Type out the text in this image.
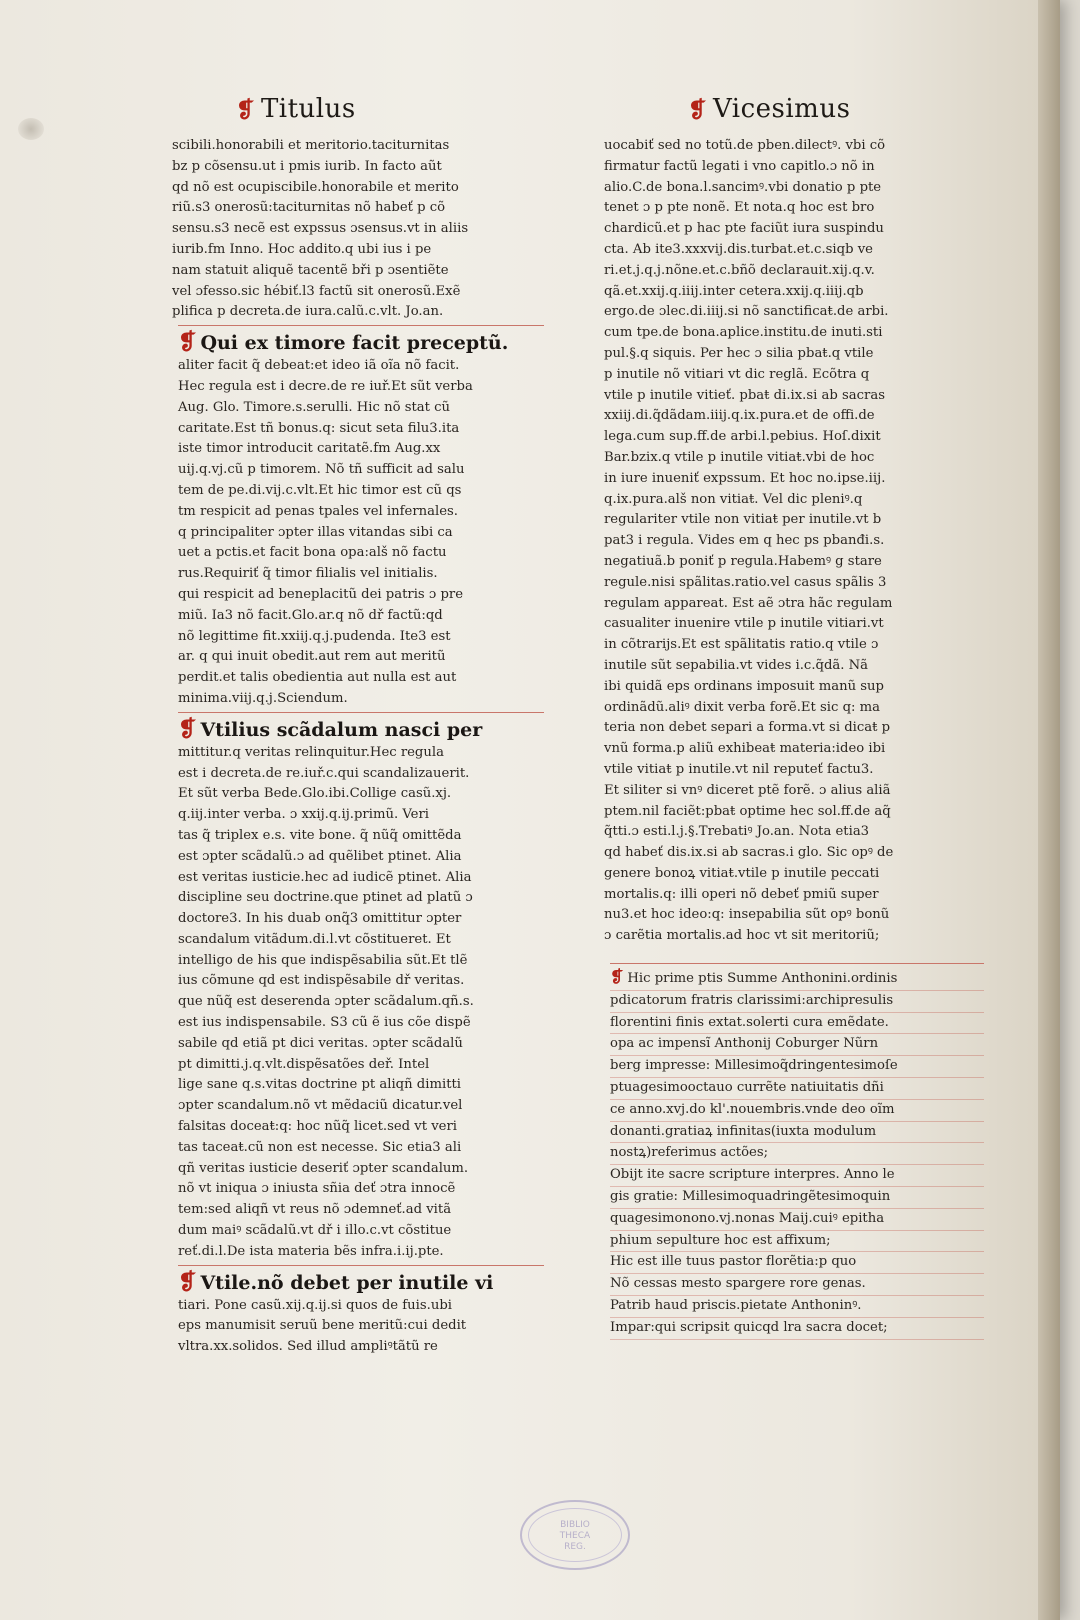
❡ Titulus	❡ Vicesimus
scibili.honorabili et meritorio.taciturnitas
bz p cõsensu.ut i pmis iurib. In facto aũt
qd nõ est ocupiscibile.honorabile et merito
riũ.s3 onerosũ:taciturnitas nõ habeť p cõ
sensu.s3 necẽ est expssus ɔsensus.vt in aliis
iurib.fm Inno. Hoc addito.q ubi ius i pe
nam statuit aliquẽ tacentẽ bři p ɔsentiẽte
vel ɔfesso.sic hébiť.l3 factũ sit onerosũ.Exẽ
plifica p decreta.de iura.calũ.c.vlt. Jo.an.
❡ Qui ex timore facit preceptũ.
aliter facit q̃ debeat:et ideo iã oĩa nõ facit.
Hec regula est i decre.de re iuř.Et sũt verba
Aug. Glo. Timore.s.serulli. Hic nõ stat cũ
caritate.Est tñ bonus.q: sicut seta filu3.ita
iste timor introducit caritatẽ.fm Aug.xx
uij.q.vj.cũ p timorem. Nõ tñ sufficit ad salu
tem de pe.di.vij.c.vlt.Et hic timor est cũ qs
tm respicit ad penas tpales vel infernales.
q principaliter ɔpter illas vitandas sibi ca
uet a pctis.et facit bona opa:alš nõ factu
rus.Requiriť q̃ timor filialis vel initialis.
qui respicit ad beneplacitũ dei patris ɔ pre
miũ. Ia3 nõ facit.Glo.ar.q nõ dř factũ:qd
nõ legittime fit.xxiij.q.j.pudenda. Ite3 est
ar. q qui inuit obedit.aut rem aut meritũ
perdit.et talis obedientia aut nulla est aut
minima.viij.q.j.Sciendum.
❡ Vtilius scãdalum nasci per
mittitur.q veritas relinquitur.Hec regula
est i decreta.de re.iuř.c.qui scandalizauerit.
Et sũt verba Bede.Glo.ibi.Collige casũ.xj.
q.iij.inter verba. ɔ xxij.q.ij.primũ. Veri
tas q̃ triplex e.s. vite bone. q̃ nũq̃ omittẽda
est ɔpter scãdalũ.ɔ ad quẽlibet ptinet. Alia
est veritas iusticie.hec ad iudicẽ ptinet. Alia
discipline seu doctrine.que ptinet ad platũ ɔ
doctore3. In his duab onq̃3 omittitur ɔpter
scandalum vitãdum.di.l.vt cõstitueret. Et
intelligo de his que indispẽsabilia sũt.Et tlẽ
ius cõmune qd est indispẽsabile dř veritas.
que nũq̃ est deserenda ɔpter scãdalum.qñ.s.
est ius indispensabile. S3 cũ ẽ ius cõe dispẽ
sabile qd etiã pt dici veritas. ɔpter scãdalũ
pt dimitti.j.q.vlt.dispẽsatões deř. Intel
lige sane q.s.vitas doctrine pt aliqñ dimitti
ɔpter scandalum.nõ vt mẽdaciũ dicatur.vel
falsitas doceaŧ:q: hoc nũq̃ licet.sed vt veri
tas taceaŧ.cũ non est necesse. Sic etia3 ali
qñ veritas iusticie deseriť ɔpter scandalum.
nõ vt iniqua ɔ iniusta sñia deť ɔtra innocẽ
tem:sed aliqñ vt reus nõ ɔdemneť.ad vitã
dum maiꝰ scãdalũ.vt dř i illo.c.vt cõstitue
reť.di.l.De ista materia bẽs infra.i.ij.pte.
❡ Vtile.nõ debet per inutile vi
tiari. Pone casũ.xij.q.ij.si quos de fuis.ubi
eps manumisit seruũ bene meritũ:cui dedit
vltra.xx.solidos. Sed illud ampliꝰtãtũ re
uocabiť sed no totũ.de pben.dilectꝰ. vbi cõ
firmatur factũ legati i vno capitlo.ɔ nõ in
alio.C.de bona.l.sancimꝰ.vbi donatio p pte
tenet ɔ p pte nonẽ. Et nota.q hoc est bro
chardicũ.et p hac pte faciũt iura suspindu
cta. Ab ite3.xxxvij.dis.turbat.et.c.siqb ve
ri.et.j.q.j.nõne.et.c.bñõ declarauit.xij.q.v.
qã.et.xxij.q.iiij.inter cetera.xxij.q.iiij.qb
ergo.de ɔlec.di.iiij.si nõ sanctificaŧ.de arbi.
cum tpe.de bona.aplice.institu.de inuti.sti
pul.§.q siquis. Per hec ɔ silia pbaŧ.q vtile
p inutile nõ vitiari vt dic reglã. Ecõtra q
vtile p inutile vitieť. pbaŧ di.ix.si ab sacras
xxiij.di.q̃dãdam.iiij.q.ix.pura.et de offi.de
lega.cum sup.ff.de arbi.l.pebius. Hoſ.dixit
Bar.bzix.q vtile p inutile vitiaŧ.vbi de hoc
in iure inueniť expssum. Et hoc no.ipse.iij.
q.ix.pura.alš non vitiaŧ. Vel dic pleniꝰ.q
regulariter vtile non vitiaŧ per inutile.vt b
pat3 i regula. Vides em q hec ps pbanđi.s.
negatiuã.b poniť p regula.Habemꝰ g stare
regule.nisi spãlitas.ratio.vel casus spãlis 3
regulam appareat. Est aẽ ɔtra hãc regulam
casualiter inuenire vtile p inutile vitiari.vt
in cõtrarijs.Et est spãlitatis ratio.q vtile ɔ
inutile sũt sepabilia.vt vides i.c.q̃dã. Nã
ibi quidã eps ordinans imposuit manũ sup
ordinãdũ.aliꝰ dixit verba forẽ.Et sic q: ma
teria non debet separi a forma.vt si dicaŧ p
vnũ forma.p aliũ exhibeaŧ materia:ideo ibi
vtile vitiaŧ p inutile.vt nil reputeť factu3.
Et siliter si vnꝰ diceret ptẽ forẽ. ɔ alius aliã
ptem.nil faciẽt:pbaŧ optime hec sol.ff.de aq̃
q̃tti.ɔ esti.l.j.§.Trebatiꝰ Jo.an. Nota etia3
qd habeť dis.ix.si ab sacras.i glo. Sic opꝰ de
genere bonoꝝ vitiaŧ.vtile p inutile peccati
mortalis.q: illi operi nõ debeť pmiũ super
nu3.et hoc ideo:q: insepabilia sũt opꝰ bonũ
ɔ carẽtia mortalis.ad hoc vt sit meritoriũ;
❡ Hic prime ptis Summe Anthonini.ordinis
pdicatorum fratris clarissimi:archipresulis
florentini finis extat.solerti cura emẽdate.
opa ac impensĩ Anthonij Coburger Nũrn
berg impresse: Millesimoq̃dringentesimoſe
ptuagesimooctauo currẽte natiuitatis dñi
ce anno.xvj.do kl'.nouembris.vnde deo oĩm
donanti.gratiaꝝ infinitas(iuxta modulum
nostꝝ)referimus actões;
Obijt ite sacre scripture interpres. Anno le
gis gratie: Millesimoquadringẽtesimoquin
quagesimonono.vj.nonas Maij.cuiꝰ epitha
phium sepulture hoc est affixum;
Hic est ille tuus pastor florẽtia:p quo
Nõ cessas mesto spargere rore genas.
Patrib haud priscis.pietate Anthoninꝰ.
Impar:qui scripsit quicqd lra sacra docet;
BIBLIO
THECA
REG.
